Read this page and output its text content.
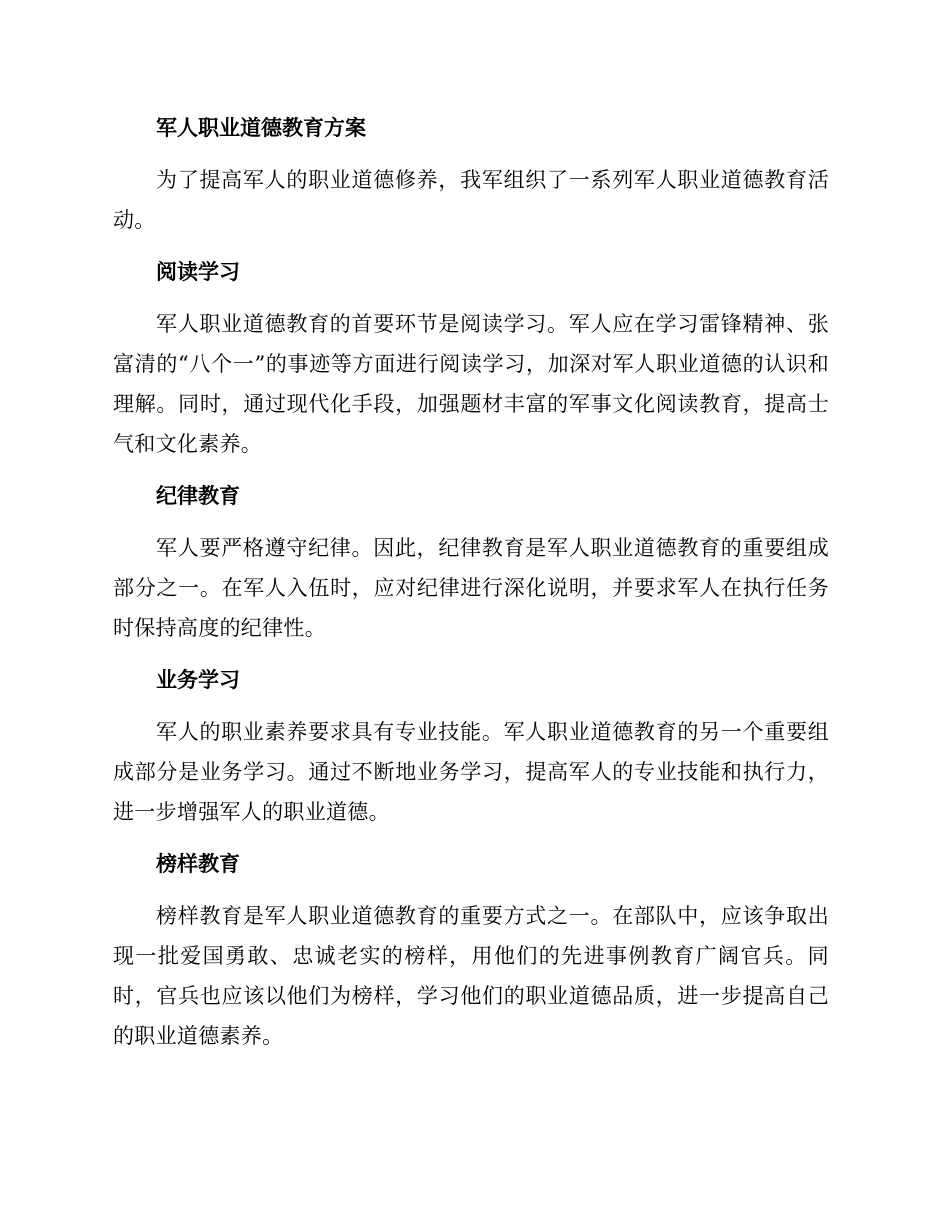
军人职业道德教育方案

为了提高军人的职业道德修养，我军组织了一系列军人职业道德教育活动。

阅读学习

军人职业道德教育的首要环节是阅读学习。军人应在学习雷锋精神、张富清的“八个一”的事迹等方面进行阅读学习，加深对军人职业道德的认识和理解。同时，通过现代化手段，加强题材丰富的军事文化阅读教育，提高士气和文化素养。

纪律教育

军人要严格遵守纪律。因此，纪律教育是军人职业道德教育的重要组成部分之一。在军人入伍时，应对纪律进行深化说明，并要求军人在执行任务时保持高度的纪律性。

业务学习

军人的职业素养要求具有专业技能。军人职业道德教育的另一个重要组成部分是业务学习。通过不断地业务学习，提高军人的专业技能和执行力，进一步增强军人的职业道德。

榜样教育

榜样教育是军人职业道德教育的重要方式之一。在部队中，应该争取出现一批爱国勇敢、忠诚老实的榜样，用他们的先进事例教育广阔官兵。同时，官兵也应该以他们为榜样，学习他们的职业道德品质，进一步提高自己的职业道德素养。
